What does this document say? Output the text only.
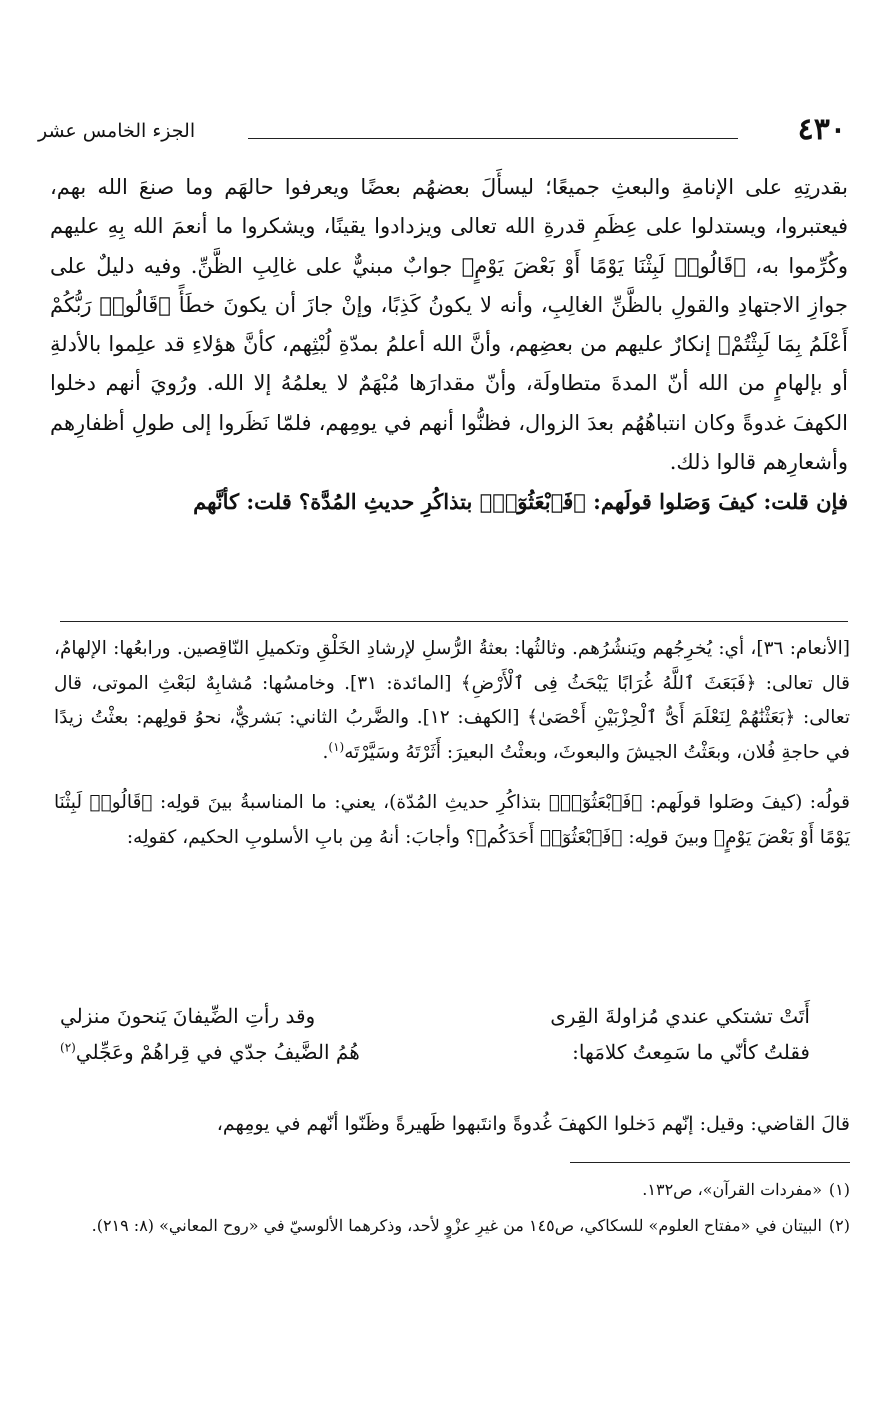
٤٣٠
الجزء الخامس عشر

بقدرتِهِ على الإنامةِ والبعثِ جميعًا؛ ليسأَلَ بعضهُم بعضًا ويعرفوا حالهَم وما صنعَ الله بهم، فيعتبروا، ويستدلوا على عِظَمِ قدرةِ الله تعالى ويزدادوا يقينًا، ويشكروا ما أنعمَ الله بِهِ عليهم وكُرِّموا به، ﴿قَالُوا۟ لَبِثْنَا يَوْمًا أَوْ بَعْضَ يَوْمٍ﴾ جوابٌ مبنيٌّ على غالِبِ الظَّنِّ. وفيه دليلٌ على جوازِ الاجتهادِ والقولِ بالظَّنِّ الغالِبِ، وأنه لا يكونُ كَذِبًا، وإنْ جازَ أن يكونَ خطَأً ﴿قَالُوا۟ رَبُّكُمْ أَعْلَمُ بِمَا لَبِثْتُمْ﴾ إنكارٌ عليهم من بعضِهم، وأنَّ الله أعلمُ بمدّةِ لُبْثِهم، كأنَّ هؤلاءِ قد علِموا بالأدلةِ أو بإلهامٍ من الله أنّ المدةَ متطاولَة، وأنّ مقدارَها مُبْهَمٌ لا يعلمُهُ إلا الله. ورُويَ أنهم دخلوا الكهفَ غدوةً وكان انتباهُهُم بعدَ الزوال، فظنُّوا أنهم في يومِهم، فلمّا نَظَروا إلى طولِ أظفارِهم وأشعارِهم قالوا ذلك.

فإن قلت: كيفَ وَصَلوا قولَهم: ﴿فَٱبْعَثُوٓا۟﴾ بتذاكُرِ حديثِ المُدَّة؟ قلت: كأنَّهم

[الأنعام: ٣٦]، أي: يُخرِجُهم ويَنشُرُهم. وثالثُها: بعثةُ الرُّسلِ لإرشادِ الخَلْقِ وتكميلِ النّاقِصين. ورابعُها: الإلهامُ، قال تعالى: ﴿فَبَعَثَ ٱللَّهُ غُرَابًا يَبْحَثُ فِى ٱلْأَرْضِ﴾ [المائدة: ٣١]. وخامسُها: مُشابِهٌ لبَعْثِ الموتى، قال تعالى: ﴿بَعَثْنَٰهُمْ لِنَعْلَمَ أَىُّ ٱلْحِزْبَيْنِ أَحْصَىٰ﴾ [الكهف: ١٢]. والضَّربُ الثاني: بَشريٌّ، نحوُ قولِهم: بعثْتُ زيدًا في حاجةِ فُلان، وبعَثْتُ الجيشَ والبعوثَ، وبعثْتُ البعيرَ: أَثَرْتَهُ وسَيَّرْتَه$^{(١)}$.

قولُه: (كيفَ وصَلوا قولَهم: ﴿فَٱبْعَثُوٓا۟﴾ بتذاكُرِ حديثِ المُدّة)، يعني: ما المناسبةُ بينَ قولِه: ﴿قَالُوا۟ لَبِثْنَا يَوْمًا أَوْ بَعْضَ يَوْمٍ﴾ وبينَ قولِه: ﴿فَٱبْعَثُوٓا۟ أَحَدَكُم﴾؟ وأجابَ: أنهُ مِن بابِ الأسلوبِ الحكيم، كقولِه:

أَتَتْ تشتكي عندي مُزاولةَ القِرى
وقد رأتِ الضِّيفانَ يَنحونَ منزلي
فقلتُ كأنّي ما سَمِعتُ كلامَها:
هُمُ الضَّيفُ جدّي في قِراهُمْ وعَجِّلي$^{(٢)}$

قالَ القاضي: وقيل: إنّهم دَخلوا الكهفَ غُدوةً وانتَبهوا ظَهيرةً وظَنّوا أنّهم في يومِهم،

(١)
«مفردات القرآن»، ص١٣٢.
(٢)
البيتان في «مفتاح العلوم» للسكاكي، ص١٤٥ من غيرِ عزْوٍ لأحد، وذكرهما الألوسيّ في «روح المعاني» (٨: ٢١٩).
